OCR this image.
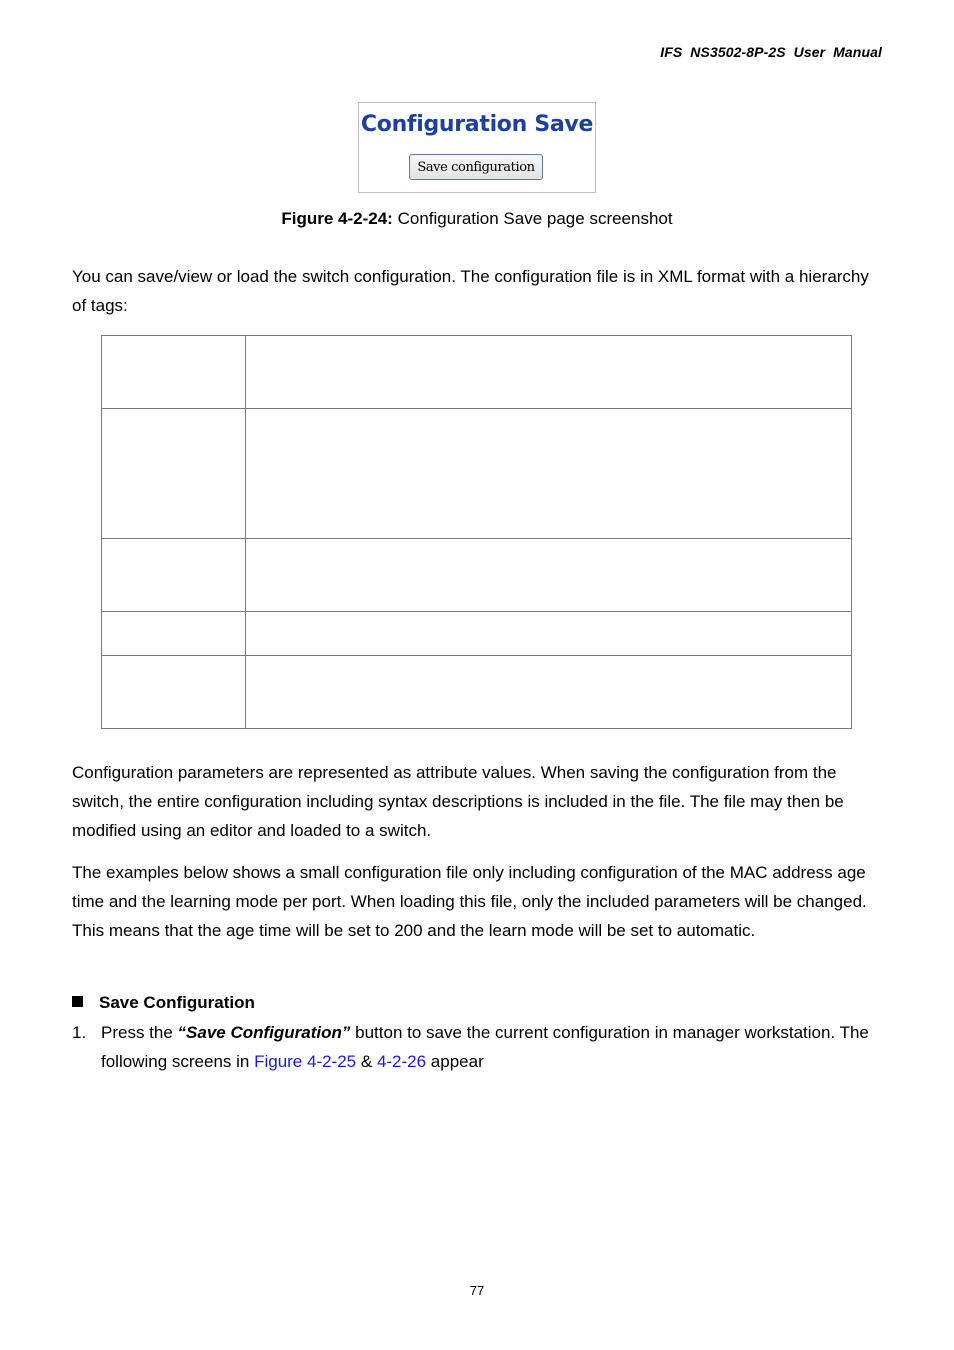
IFS  NS3502-8P-2S  User  Manual
Configuration Save
Save configuration
Figure 4-2-24: Configuration Save page screenshot

You can save/view or load the switch configuration. The configuration file is in XML format with a hierarchy of tags:

Configuration parameters are represented as attribute values. When saving the configuration from the switch, the entire configuration including syntax descriptions is included in the file. The file may then be modified using an editor and loaded to a switch.

The examples below shows a small configuration file only including configuration of the MAC address age time and the learning mode per port. When loading this file, only the included parameters will be changed. This means that the age time will be set to 200 and the learn mode will be set to automatic.

Save Configuration
1. Press the “Save Configuration” button to save the current configuration in manager workstation. The following screens in Figure 4-2-25 & 4-2-26 appear
77
